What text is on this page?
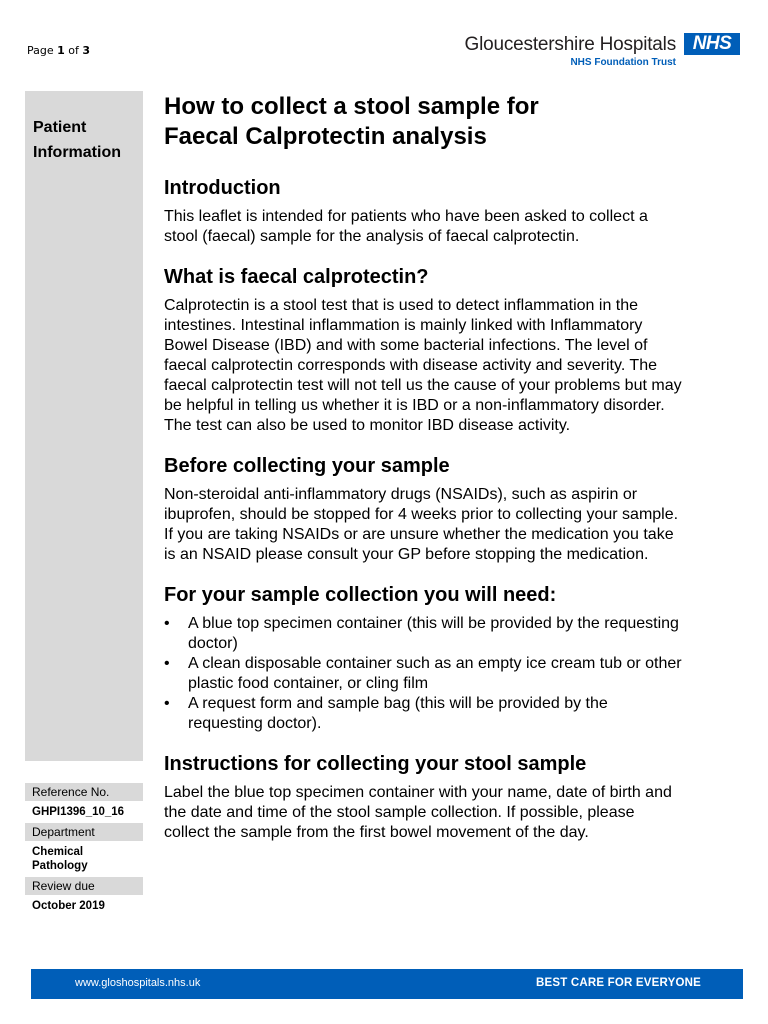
Page 1 of 3	Gloucestershire Hospitals NHS
NHS Foundation Trust
Patient
Information
Reference No.
GHPI1396_10_16
Department
Chemical
Pathology
Review due
October 2019
How to collect a stool sample for
Faecal Calprotectin analysis
Introduction

This leaflet is intended for patients who have been asked to collect a stool (faecal) sample for the analysis of faecal calprotectin.

What is faecal calprotectin?

Calprotectin is a stool test that is used to detect inflammation in the intestines. Intestinal inflammation is mainly linked with Inflammatory Bowel Disease (IBD) and with some bacterial infections. The level of faecal calprotectin corresponds with disease activity and severity. The faecal calprotectin test will not tell us the cause of your problems but may be helpful in telling us whether it is IBD or a non-inflammatory disorder. The test can also be used to monitor IBD disease activity.

Before collecting your sample

Non-steroidal anti-inflammatory drugs (NSAIDs), such as aspirin or ibuprofen, should be stopped for 4 weeks prior to collecting your sample. If you are taking NSAIDs or are unsure whether the medication you take is an NSAID please consult your GP before stopping the medication.

For your sample collection you will need:
• A blue top specimen container (this will be provided by the requesting doctor)
• A clean disposable container such as an empty ice cream tub or other plastic food container, or cling film
• A request form and sample bag (this will be provided by the requesting doctor).
Instructions for collecting your stool sample

Label the blue top specimen container with your name, date of birth and the date and time of the stool sample collection. If possible, please collect the sample from the first bowel movement of the day.

www.gloshospitals.nhs.uk	BEST CARE FOR EVERYONE
